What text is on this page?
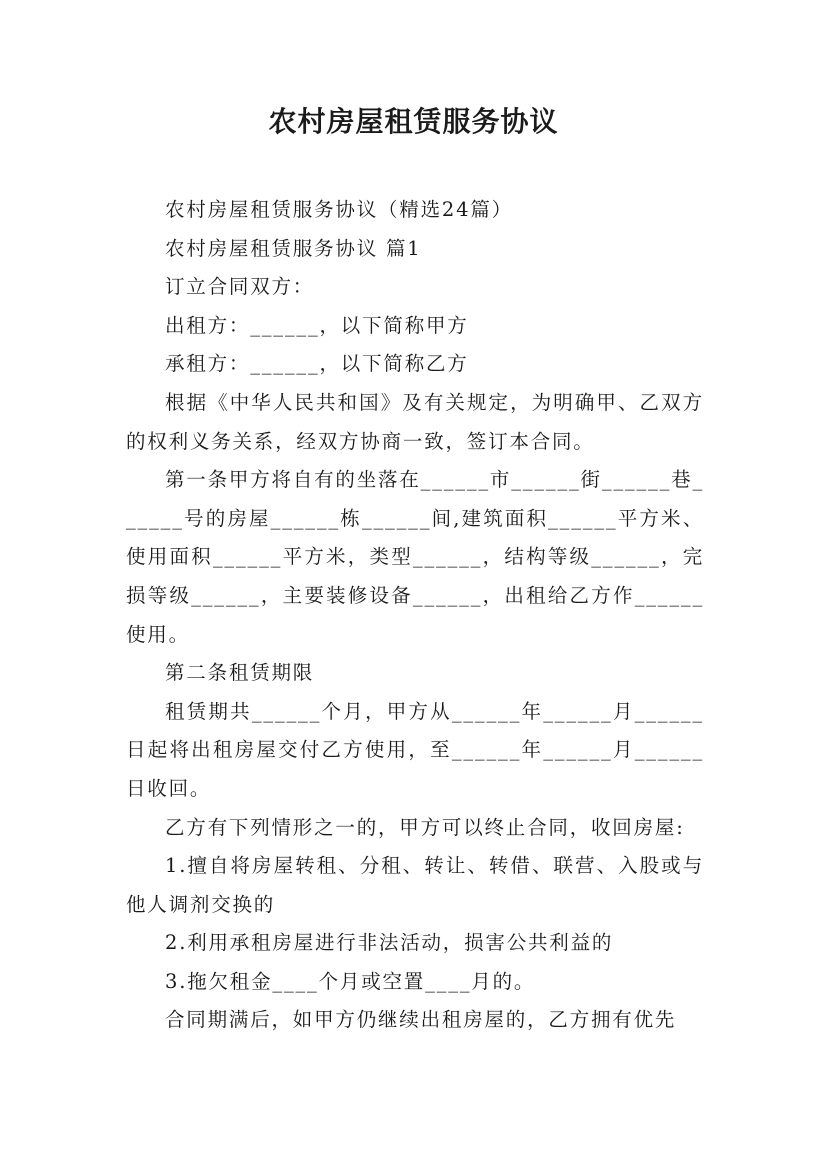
农村房屋租赁服务协议

农村房屋租赁服务协议（精选24篇）

农村房屋租赁服务协议 篇1

订立合同双方：

出租方：______，以下简称甲方

承租方：______，以下简称乙方

根据《中华人民共和国》及有关规定，为明确甲、乙双方的权利义务关系，经双方协商一致，签订本合同。

第一条甲方将自有的坐落在______市______街______巷______号的房屋______栋______间,建筑面积______平方米、使用面积______平方米，类型______，结构等级______，完损等级______，主要装修设备______，出租给乙方作______使用。

第二条租赁期限

租赁期共______个月，甲方从______年______月______日起将出租房屋交付乙方使用，至______年______月______日收回。

乙方有下列情形之一的，甲方可以终止合同，收回房屋:

1.擅自将房屋转租、分租、转让、转借、联营、入股或与他人调剂交换的

2.利用承租房屋进行非法活动，损害公共利益的

3.拖欠租金____个月或空置____月的。

合同期满后，如甲方仍继续出租房屋的，乙方拥有优先
